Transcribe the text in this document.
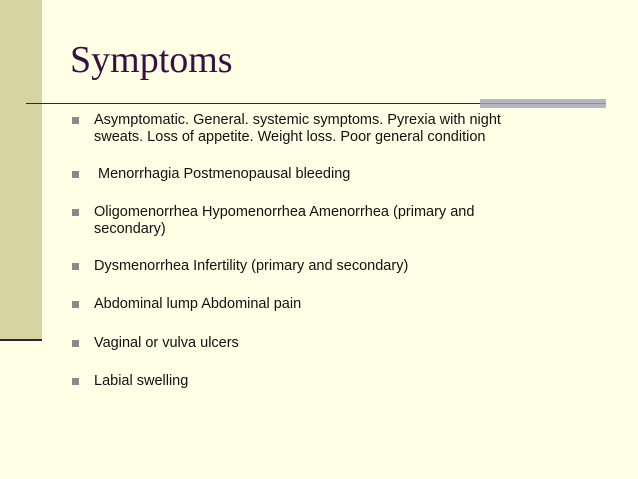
Symptoms
Asymptomatic. General. systemic symptoms. Pyrexia with night sweats. Loss of appetite. Weight loss. Poor general condition
Menorrhagia Postmenopausal bleeding
Oligomenorrhea Hypomenorrhea Amenorrhea (primary and secondary)
Dysmenorrhea Infertility (primary and secondary)
Abdominal lump Abdominal pain
Vaginal or vulva ulcers
Labial swelling
